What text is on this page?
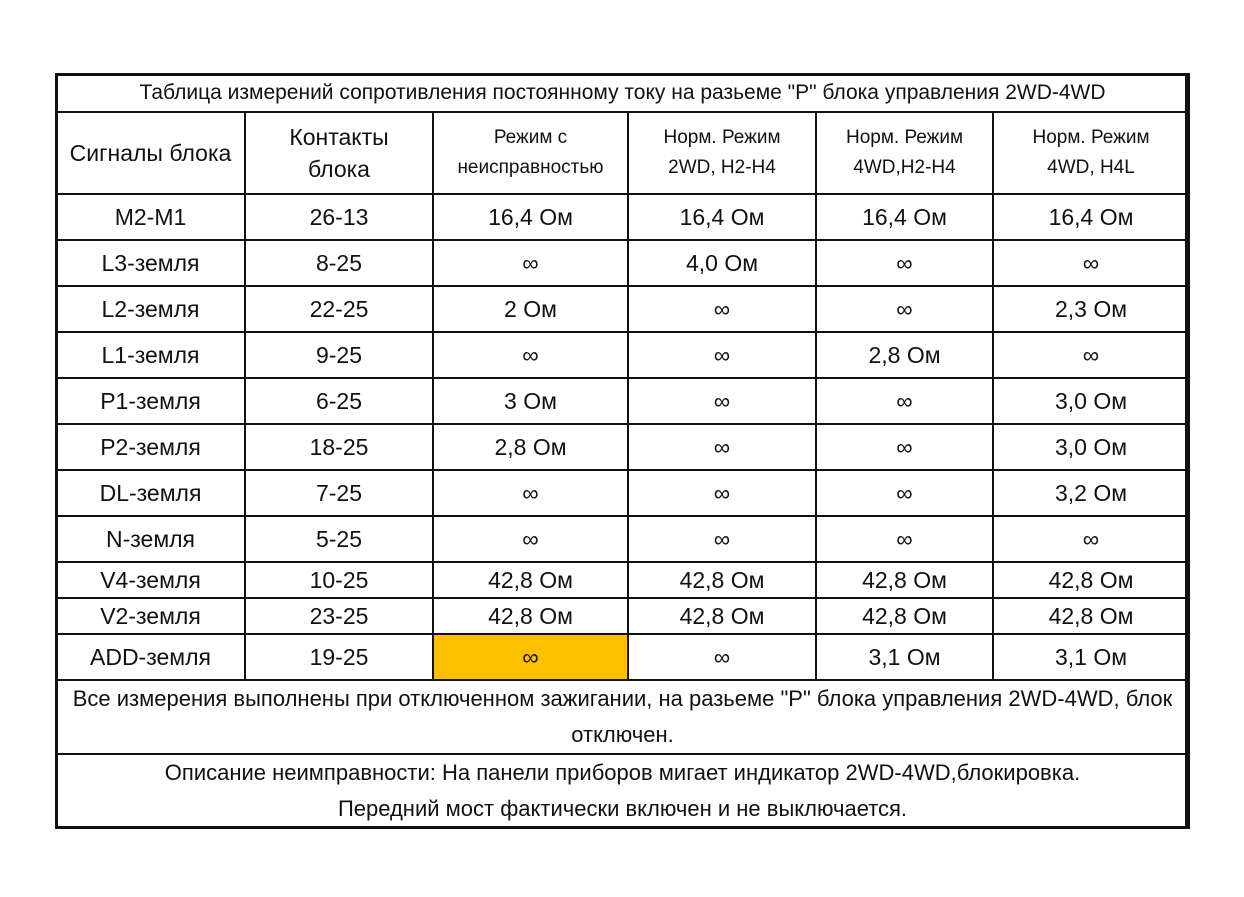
Таблица измерений сопротивления постоянному току на разьеме "P" блока управления 2WD-4WD					
Сигналы блока	Контакты блока	Режим с неисправностью	Норм. Режим 2WD, H2-H4	Норм. Режим 4WD,H2-H4	Норм. Режим 4WD, H4L
M2-M1	26-13	16,4 Ом	16,4 Ом	16,4 Ом	16,4 Ом
L3-земля	8-25	∞	4,0 Ом	∞	∞
L2-земля	22-25	2 Ом	∞	∞	2,3 Ом
L1-земля	9-25	∞	∞	2,8 Ом	∞
P1-земля	6-25	3 Ом	∞	∞	3,0 Ом
P2-земля	18-25	2,8 Ом	∞	∞	3,0 Ом
DL-земля	7-25	∞	∞	∞	3,2 Ом
N-земля	5-25	∞	∞	∞	∞
V4-земля	10-25	42,8 Ом	42,8 Ом	42,8 Ом	42,8 Ом
V2-земля	23-25	42,8 Ом	42,8 Ом	42,8 Ом	42,8 Ом
ADD-земля	19-25	∞	∞	3,1 Ом	3,1 Ом
Все измерения выполнены при отключенном зажигании, на разьеме "P" блока управления 2WD-4WD, блок отключен.					
Описание неимправности: На панели приборов мигает индикатор 2WD-4WD,блокировка. Передний мост фактически включен и не выключается.					
